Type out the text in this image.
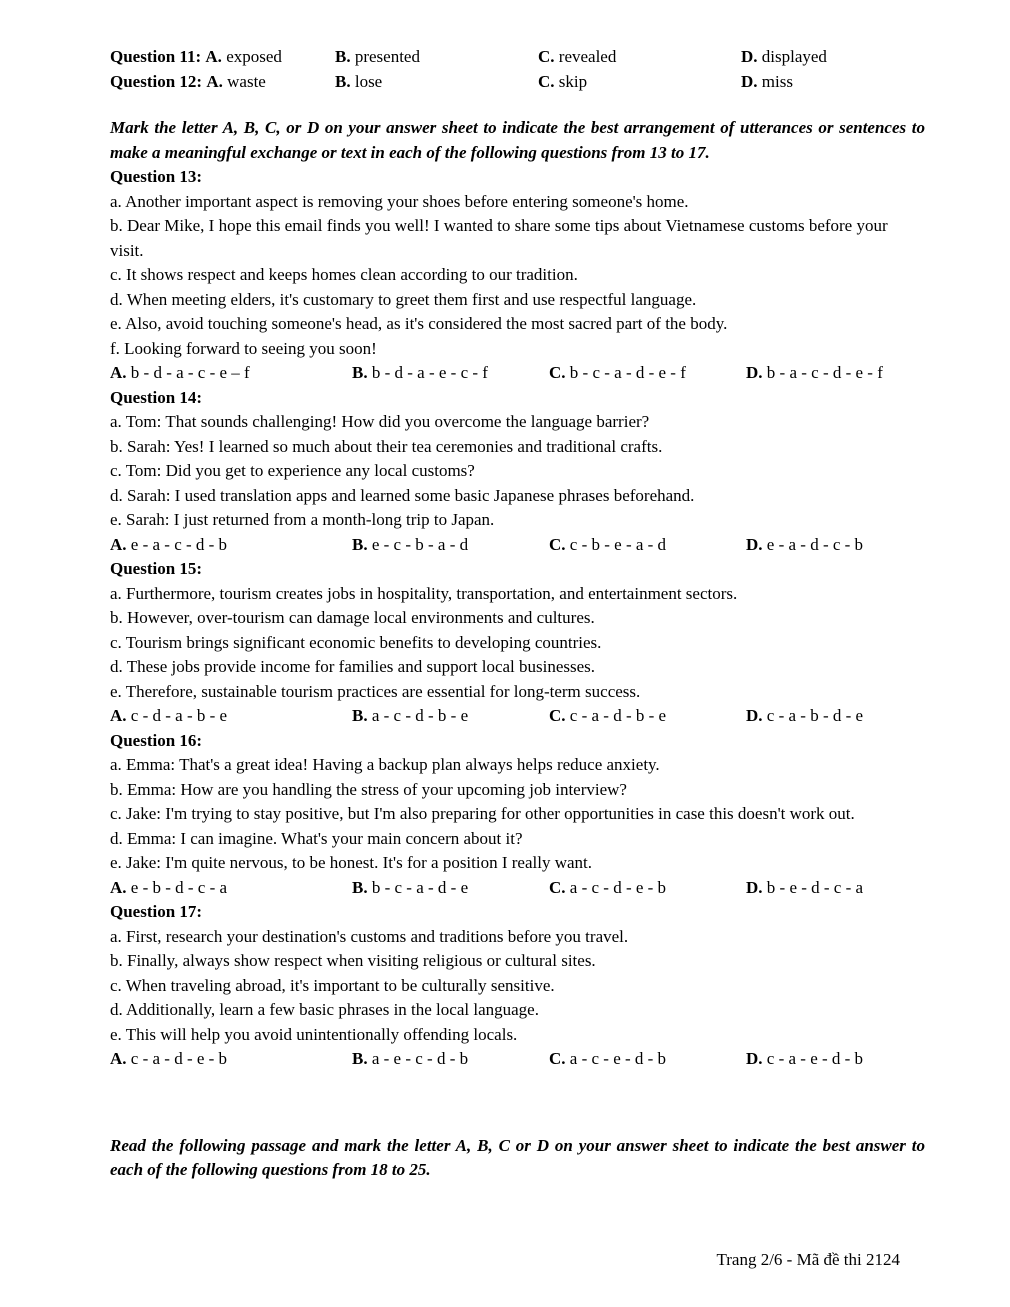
Question 11: A. exposed	B. presented	C. revealed	D. displayed
Question 12: A. waste	B. lose	C. skip	D. miss
Mark the letter A, B, C, or D on your answer sheet to indicate the best arrangement of utterances or sentences to make a meaningful exchange or text in each of the following questions from 13 to 17.
Question 13:
a. Another important aspect is removing your shoes before entering someone's home.
b. Dear Mike, I hope this email finds you well! I wanted to share some tips about Vietnamese customs before your visit.
c. It shows respect and keeps homes clean according to our tradition.
d. When meeting elders, it's customary to greet them first and use respectful language.
e. Also, avoid touching someone's head, as it's considered the most sacred part of the body.
f. Looking forward to seeing you soon!
A. b - d - a - c - e – f	B. b - d - a - e - c - f	C. b - c - a - d - e - f	D. b - a - c - d - e - f
Question 14:
a. Tom: That sounds challenging! How did you overcome the language barrier?
b. Sarah: Yes! I learned so much about their tea ceremonies and traditional crafts.
c. Tom: Did you get to experience any local customs?
d. Sarah: I used translation apps and learned some basic Japanese phrases beforehand.
e. Sarah: I just returned from a month-long trip to Japan.
A. e - a - c - d - b	B. e - c - b - a - d	C. c - b - e - a - d	D. e - a - d - c - b
Question 15:
a. Furthermore, tourism creates jobs in hospitality, transportation, and entertainment sectors.
b. However, over-tourism can damage local environments and cultures.
c. Tourism brings significant economic benefits to developing countries.
d. These jobs provide income for families and support local businesses.
e. Therefore, sustainable tourism practices are essential for long-term success.
A. c - d - a - b - e	B. a - c - d - b - e	C. c - a - d - b - e	D. c - a - b - d - e
Question 16:
a. Emma: That's a great idea! Having a backup plan always helps reduce anxiety.
b. Emma: How are you handling the stress of your upcoming job interview?
c. Jake: I'm trying to stay positive, but I'm also preparing for other opportunities in case this doesn't work out.
d. Emma: I can imagine. What's your main concern about it?
e. Jake: I'm quite nervous, to be honest. It's for a position I really want.
A. e - b - d - c - a	B. b - c - a - d - e	C. a - c - d - e - b	D. b - e - d - c - a
Question 17:
a. First, research your destination's customs and traditions before you travel.
b. Finally, always show respect when visiting religious or cultural sites.
c. When traveling abroad, it's important to be culturally sensitive.
d. Additionally, learn a few basic phrases in the local language.
e. This will help you avoid unintentionally offending locals.
A. c - a - d - e - b	B. a - e - c - d - b	C. a - c - e - d - b	D. c - a - e - d - b
Read the following passage and mark the letter A, B, C or D on your answer sheet to indicate the best answer to each of the following questions from 18 to 25.
Trang 2/6 - Mã đề thi 2124
